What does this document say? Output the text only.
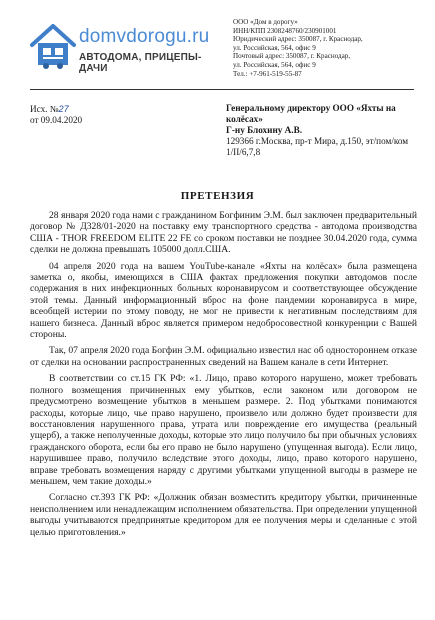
domvdorogu.ru
АВТОДОМА, ПРИЦЕПЫ-ДАЧИ
ООО «Дом в дорогу»
ИНН/КПП 2308248760/230901001
Юридический адрес: 350087, г. Краснодар,
ул. Российская, 564, офис 9
Почтовый адрес: 350087, г. Краснодар,
ул. Российская, 564, офис 9
Тел.: +7-961-519-55-87
Исх. №27
от 09.04.2020
Генеральному директору ООО «Яхты на колёсах»
Г-ну Блохину А.В.
129366 г.Москва, пр-т Мира, д.150, эт/пом/ком 1/II/6,7,8
ПРЕТЕНЗИЯ

28 января 2020 года нами с гражданином Богфиним Э.М. был заключен предварительный договор № Д328/01-2020 на поставку ему транспортного средства - автодома производства США - THOR FREEDOM ELITE 22 FE со сроком поставки не позднее 30.04.2020 года, сумма сделки не должна превышать 105000 долл.США.

04 апреля 2020 года на вашем YouTube-канале «Яхты на колёсах» была размещена заметка о, якобы, имеющихся в США фактах предложения покупки автодомов после содержания в них инфекционных больных коронавирусом и соответствующее обсуждение этой темы. Данный информационный вброс на фоне пандемии коронавируса в мире, всеобщей истерии по этому поводу, не мог не привести к негативным последствиям для нашего бизнеса. Данный вброс является примером недобросовестной конкуренции с Вашей стороны.

Так, 07 апреля 2020 года Богфин Э.М. официально известил нас об одностороннем отказе от сделки на основании распространенных сведений на Вашем канале в сети Интернет.

В соответствии со ст.15 ГК РФ: «1. Лицо, право которого нарушено, может требовать полного возмещения причиненных ему убытков, если законом или договором не предусмотрено возмещение убытков в меньшем размере. 2. Под убытками понимаются расходы, которые лицо, чье право нарушено, произвело или должно будет произвести для восстановления нарушенного права, утрата или повреждение его имущества (реальный ущерб), а также неполученные доходы, которые это лицо получило бы при обычных условиях гражданского оборота, если бы его право не было нарушено (упущенная выгода). Если лицо, нарушившее право, получило вследствие этого доходы, лицо, право которого нарушено, вправе требовать возмещения наряду с другими убытками упущенной выгоды в размере не меньшем, чем такие доходы.»

Согласно ст.393 ГК РФ: «Должник обязан возместить кредитору убытки, причиненные неисполнением или ненадлежащим исполнением обязательства. При определении упущенной выгоды учитываются предпринятые кредитором для ее получения меры и сделанные с этой целью приготовления.»
